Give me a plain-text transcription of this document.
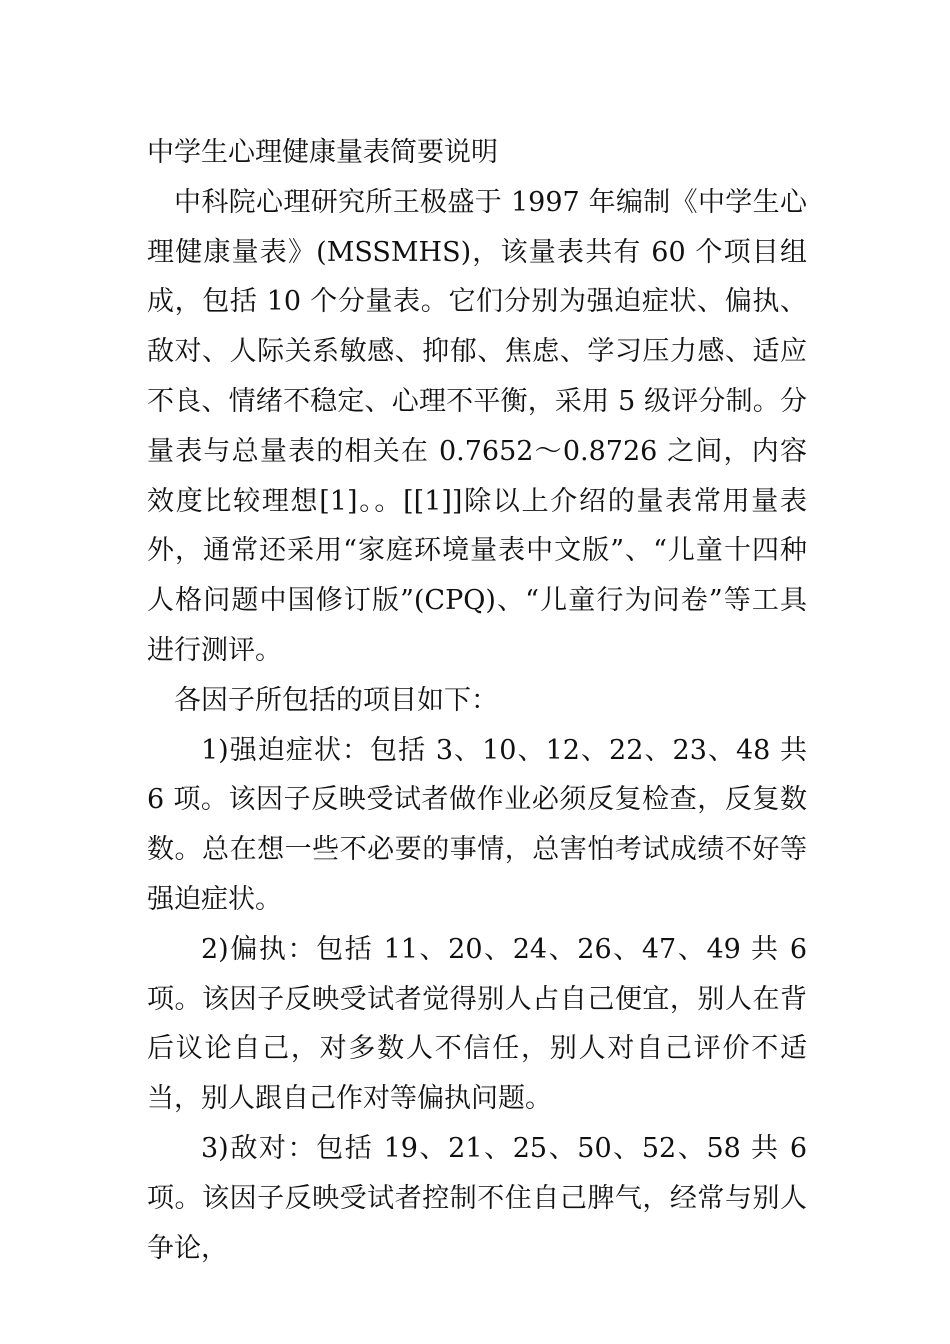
中学生心理健康量表简要说明

中科院心理研究所王极盛于 1997 年编制《中学生心理健康量表》(MSSMHS)，该量表共有 60 个项目组成，包括 10 个分量表。它们分别为强迫症状、偏执、敌对、人际关系敏感、抑郁、焦虑、学习压力感、适应不良、情绪不稳定、心理不平衡，采用 5 级评分制。分量表与总量表的相关在 0.7652～0.8726 之间，内容效度比较理想[1]。。[[1]]除以上介绍的量表常用量表外，通常还采用“家庭环境量表中文版”、“儿童十四种人格问题中国修订版”(CPQ)、“儿童行为问卷”等工具进行测评。

各因子所包括的项目如下：

1)强迫症状：包括 3、10、12、22、23、48 共 6 项。该因子反映受试者做作业必须反复检查，反复数数。总在想一些不必要的事情，总害怕考试成绩不好等强迫症状。

2)偏执：包括 11、20、24、26、47、49 共 6 项。该因子反映受试者觉得别人占自己便宜，别人在背后议论自己，对多数人不信任，别人对自己评价不适当，别人跟自己作对等偏执问题。

3)敌对：包括 19、21、25、50、52、58 共 6 项。该因子反映受试者控制不住自己脾气，经常与别人争论，
